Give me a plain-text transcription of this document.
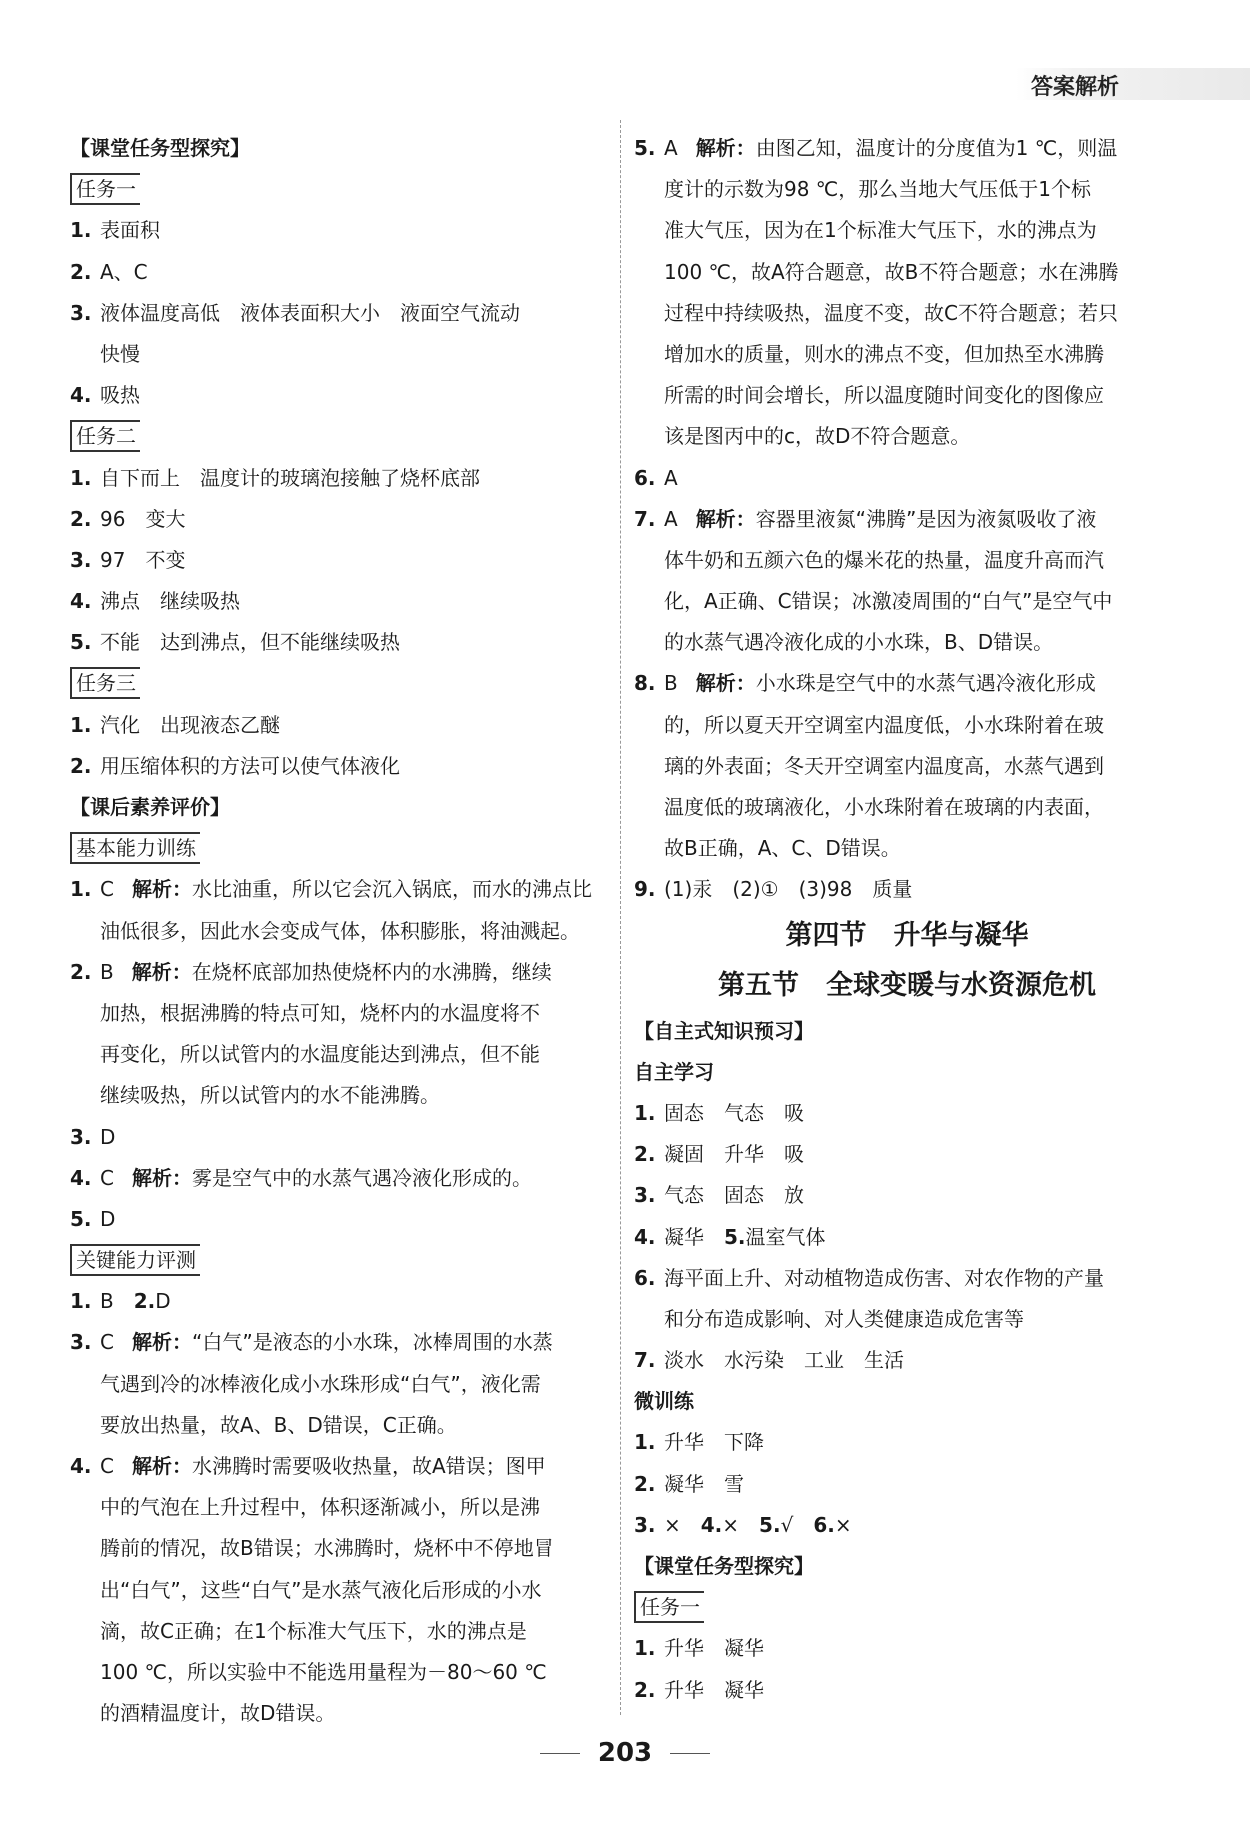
答案解析
【课堂任务型探究】
任务一
1. 表面积
2. A、C
3. 液体温度高低　液体表面积大小　液面空气流动
快慢
4. 吸热
任务二
1. 自下而上　温度计的玻璃泡接触了烧杯底部
2. 96　变大
3. 97　不变
4. 沸点　继续吸热
5. 不能　达到沸点，但不能继续吸热
任务三
1. 汽化　出现液态乙醚
2. 用压缩体积的方法可以使气体液化
【课后素养评价】
基本能力训练
1. C 解析：水比油重，所以它会沉入锅底，而水的沸点比
油低很多，因此水会变成气体，体积膨胀，将油溅起。
2. B 解析：在烧杯底部加热使烧杯内的水沸腾，继续
加热，根据沸腾的特点可知，烧杯内的水温度将不
再变化，所以试管内的水温度能达到沸点，但不能
继续吸热，所以试管内的水不能沸腾。
3. D
4. C 解析：雾是空气中的水蒸气遇冷液化形成的。
5. D
关键能力评测
1. B　2.D
3. C 解析：“白气”是液态的小水珠，冰棒周围的水蒸
气遇到冷的冰棒液化成小水珠形成“白气”，液化需
要放出热量，故A、B、D错误，C正确。
4. C 解析：水沸腾时需要吸收热量，故A错误；图甲
中的气泡在上升过程中，体积逐渐减小，所以是沸
腾前的情况，故B错误；水沸腾时，烧杯中不停地冒
出“白气”，这些“白气”是水蒸气液化后形成的小水
滴，故C正确；在1个标准大气压下，水的沸点是
100 ℃，所以实验中不能选用量程为－80～60 ℃
的酒精温度计，故D错误。
5. A 解析：由图乙知，温度计的分度值为1 ℃，则温
度计的示数为98 ℃，那么当地大气压低于1个标
准大气压，因为在1个标准大气压下，水的沸点为
100 ℃，故A符合题意，故B不符合题意；水在沸腾
过程中持续吸热，温度不变，故C不符合题意；若只
增加水的质量，则水的沸点不变，但加热至水沸腾
所需的时间会增长，所以温度随时间变化的图像应
该是图丙中的c，故D不符合题意。
6. A
7. A 解析：容器里液氮“沸腾”是因为液氮吸收了液
体牛奶和五颜六色的爆米花的热量，温度升高而汽
化，A正确、C错误；冰激凌周围的“白气”是空气中
的水蒸气遇冷液化成的小水珠，B、D错误。
8. B 解析：小水珠是空气中的水蒸气遇冷液化形成
的，所以夏天开空调室内温度低，小水珠附着在玻
璃的外表面；冬天开空调室内温度高，水蒸气遇到
温度低的玻璃液化，小水珠附着在玻璃的内表面，
故B正确，A、C、D错误。
9. (1)汞　(2)①　(3)98　质量
第四节　升华与凝华
第五节　全球变暖与水资源危机
【自主式知识预习】
自主学习
1. 固态　气态　吸
2. 凝固　升华　吸
3. 气态　固态　放
4. 凝华　5.温室气体
6. 海平面上升、对动植物造成伤害、对农作物的产量
和分布造成影响、对人类健康造成危害等
7. 淡水　水污染　工业　生活
微训练
1. 升华　下降
2. 凝华　雪
3. ×　4.×　5.√　6.×
【课堂任务型探究】
任务一
1. 升华　凝华
2. 升华　凝华
203
